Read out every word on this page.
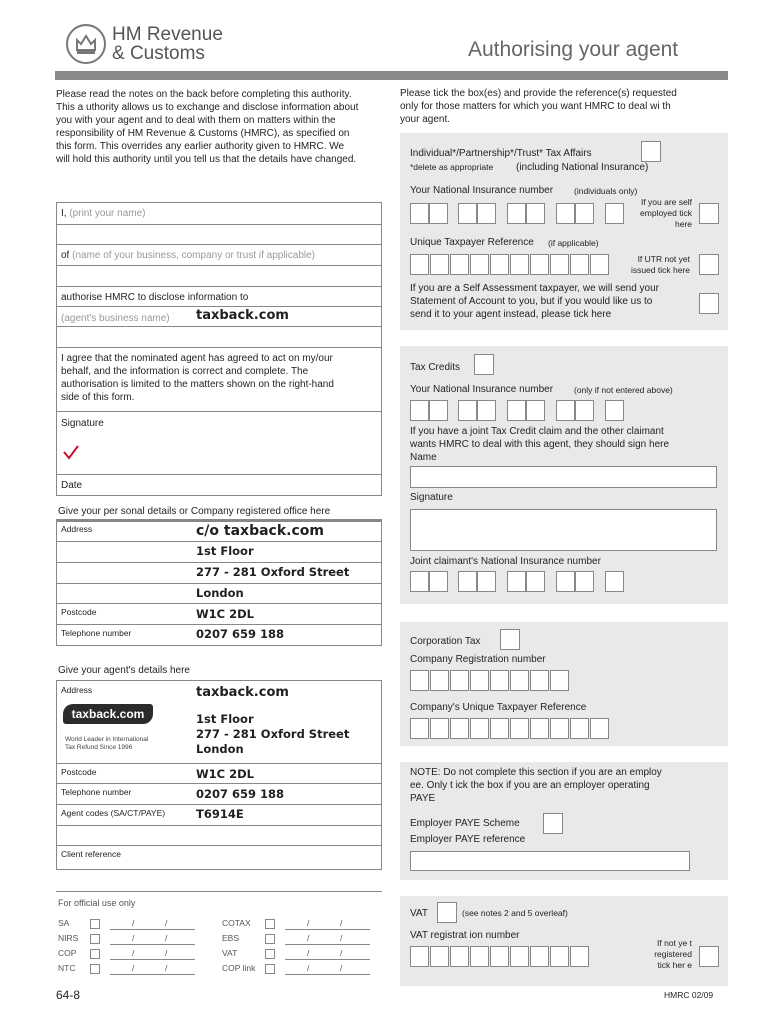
HM Revenue
& Customs	Authorising your agent
Please read the notes on the back before completing this authority. This a uthority allows us to exchange and disclose information about you with your agent and to deal with them on matters within the responsibility of HM Revenue & Customs (HMRC), as specified on this form. This overrides any earlier authority given to HMRC. We will hold this authority until you tell us that the details have changed.
I, (print your name)
of (name of your business, company or trust if applicable)
authorise HMRC to disclose information to
(agent's business name) taxback.com
I agree that the nominated agent has agreed to act on my/our behalf, and the information is correct and complete. The authorisation is limited to the matters shown on the right-hand side of this form.
Signature
Date
Give your per sonal details or Company registered office here
Address	c/o taxback.com
1st Floor
277 - 281 Oxford Street
London
Postcode	W1C 2DL
Telephone number	0207 659 188
Give your agent's details here
Address	taxback.com
taxback.com
World Leader in International
Tax Refund Since 1996
1st Floor
277 - 281 Oxford Street
London
Postcode	W1C 2DL
Telephone number	0207 659 188
Agent codes (SA/CT/PAYE)	T6914E
Client reference
For official use only
SA	/	/
NIRS	/	/
COP	/	/
NTC	/	/
COTAX	/	/
EBS	/	/
VAT	/	/
COP link	/	/
64-8	HMRC 02/09
Please tick the box(es) and provide the reference(s) requested only for those matters for which you want HMRC to deal wi th your agent.
Individual*/Partnership*/Trust* Tax Affairs
*delete as appropriate (including National Insurance)
Your National Insurance number (individuals only)
If you are self employed tick here
Unique Taxpayer Reference (if applicable)
If UTR not yet issued tick here
If you are a Self Assessment taxpayer, we will send your Statement of Account to you, but if you would like us to send it to your agent instead, please tick here
Tax Credits
Your National Insurance number (only if not entered above)
If you have a joint Tax Credit claim and the other claimant wants HMRC to deal with this agent, they should sign here
Name
Signature
Joint claimant's National Insurance number
Corporation Tax
Company Registration number
Company's Unique Taxpayer Reference
NOTE: Do not complete this section if you are an employ ee. Only t ick the box if you are an employer operating PAYE
Employer PAYE Scheme
Employer PAYE reference
VAT	(see notes 2 and 5 overleaf)
VAT registrat ion number
If not ye t registered tick her e
